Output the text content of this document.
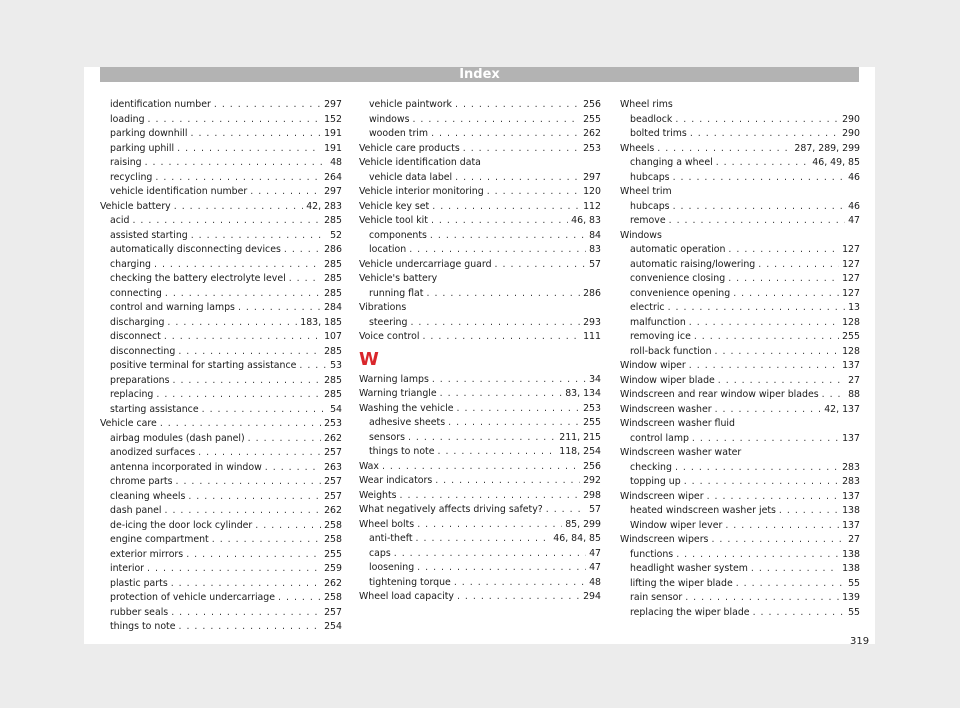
Index
identification number . . .	297
loading . . .	152
parking downhill . . .	191
parking uphill . . .	191
raising . . .	48
recycling . . .	264
vehicle identification number . . .	297
Vehicle battery . . .	42, 283
acid . . .	285
assisted starting . . .	52
automatically disconnecting devices . . .	286
charging . . .	285
checking the battery electrolyte level . . .	285
connecting . . .	285
control and warning lamps . . .	284
discharging . . .	183, 185
disconnect . . .	107
disconnecting . . .	285
positive terminal for starting assistance . . .	53
preparations . . .	285
replacing . . .	285
starting assistance . . .	54
Vehicle care . . .	253
airbag modules (dash panel) . . .	262
anodized surfaces . . .	257
antenna incorporated in window . . .	263
chrome parts . . .	257
cleaning wheels . . .	257
dash panel . . .	262
de-icing the door lock cylinder . . .	258
engine compartment . . .	258
exterior mirrors . . .	255
interior . . .	259
plastic parts . . .	262
protection of vehicle undercarriage . . .	258
rubber seals . . .	257
things to note . . .	254
vehicle paintwork . . .	256
windows . . .	255
wooden trim . . .	262
Vehicle care products . . .	253
Vehicle identification data
vehicle data label . . .	297
Vehicle interior monitoring . . .	120
Vehicle key set . . .	112
Vehicle tool kit . . .	46, 83
components . . .	84
location . . .	83
Vehicle undercarriage guard . . .	57
Vehicle's battery
running flat . . .	286
Vibrations
steering . . .	293
Voice control . . .	111
W
Warning lamps . . .	34
Warning triangle . . .	83, 134
Washing the vehicle . . .	253
adhesive sheets . . .	255
sensors . . .	211, 215
things to note . . .	118, 254
Wax . . .	256
Wear indicators . . .	292
Weights . . .	298
What negatively affects driving safety? . . .	57
Wheel bolts . . .	85, 299
anti-theft . . .	46, 84, 85
caps . . .	47
loosening . . .	47
tightening torque . . .	48
Wheel load capacity . . .	294
Wheel rims
beadlock . . .	290
bolted trims . . .	290
Wheels . . .	287, 289, 299
changing a wheel . . .	46, 49, 85
hubcaps . . .	46
Wheel trim
hubcaps . . .	46
remove . . .	47
Windows
automatic operation . . .	127
automatic raising/lowering . . .	127
convenience closing . . .	127
convenience opening . . .	127
electric . . .	13
malfunction . . .	128
removing ice . . .	255
roll-back function . . .	128
Window wiper . . .	137
Window wiper blade . . .	27
Windscreen and rear window wiper blades . . .	88
Windscreen washer . . .	42, 137
Windscreen washer fluid
control lamp . . .	137
Windscreen washer water
checking . . .	283
topping up . . .	283
Windscreen wiper . . .	137
heated windscreen washer jets . . .	138
Window wiper lever . . .	137
Windscreen wipers . . .	27
functions . . .	138
headlight washer system . . .	138
lifting the wiper blade . . .	55
rain sensor . . .	139
replacing the wiper blade . . .	55
319
